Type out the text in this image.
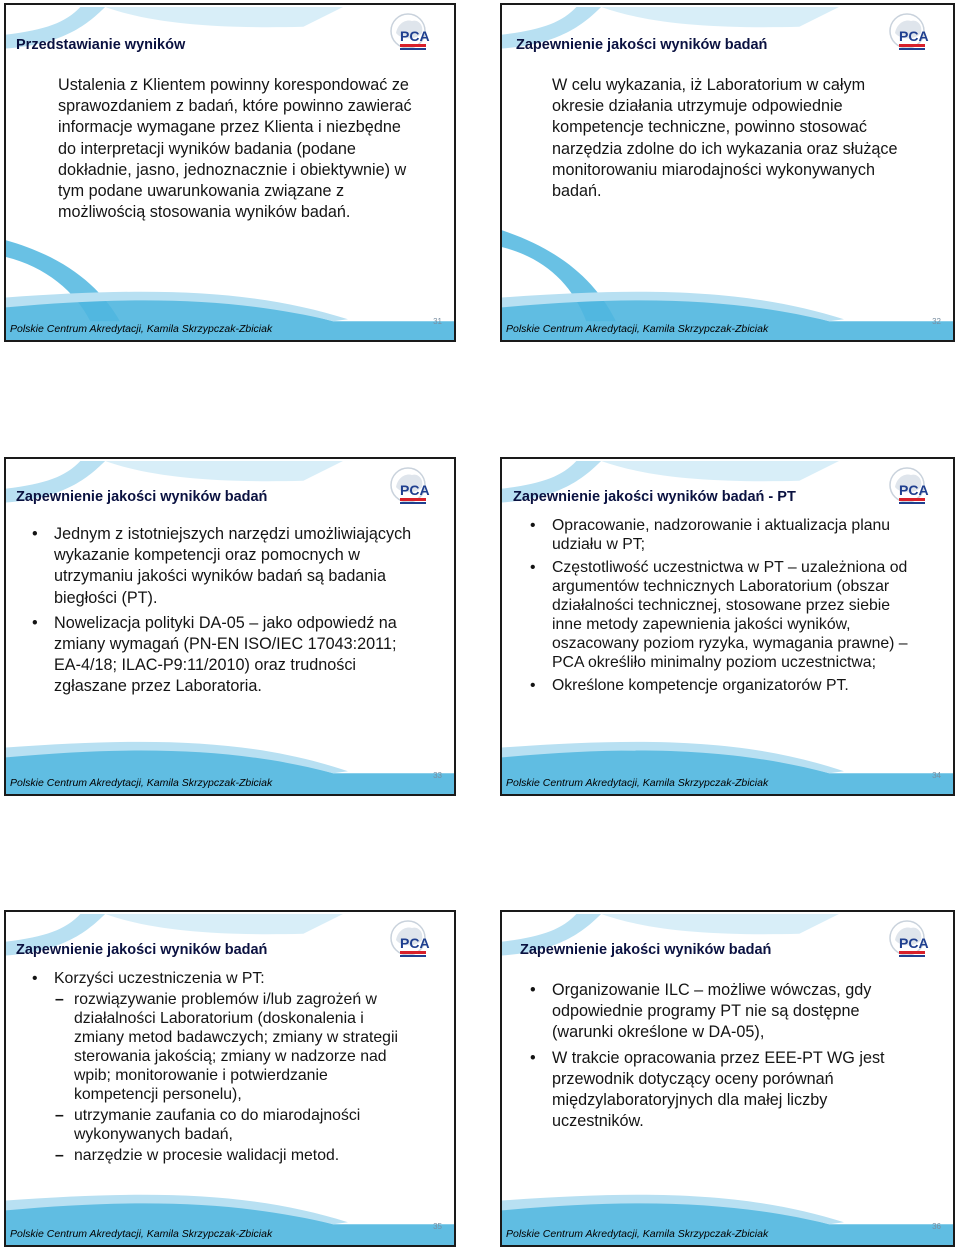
PCA
Przedstawianie wyników
Ustalenia z Klientem powinny korespondować ze sprawozdaniem z badań, które powinno zawierać informacje wymagane przez Klienta i niezbędne do interpretacji wyników badania (podane dokładnie, jasno, jednoznacznie i obiektywnie) w tym podane uwarunkowania związane z możliwością stosowania wyników badań.
Polskie Centrum Akredytacji, Kamila Skrzypczak-Zbiciak
31
PCA
Zapewnienie jakości wyników badań
W celu wykazania, iż Laboratorium w całym okresie działania utrzymuje odpowiednie kompetencje techniczne, powinno stosować narzędzia zdolne do ich wykazania oraz służące monitorowaniu miarodajności wykonywanych badań.
Polskie Centrum Akredytacji, Kamila Skrzypczak-Zbiciak
32
PCA
Zapewnienie jakości wyników badań
• Jednym z istotniejszych narzędzi umożliwiających wykazanie kompetencji oraz pomocnych w utrzymaniu jakości wyników badań są badania biegłości (PT).
• Nowelizacja polityki DA-05 – jako odpowiedź na zmiany wymagań (PN-EN ISO/IEC 17043:2011; EA-4/18; ILAC-P9:11/2010) oraz trudności zgłaszane przez Laboratoria.
Polskie Centrum Akredytacji, Kamila Skrzypczak-Zbiciak
33
PCA
Zapewnienie jakości wyników badań - PT
• Opracowanie, nadzorowanie i aktualizacja planu udziału w PT;
• Częstotliwość uczestnictwa w PT – uzależniona od argumentów technicznych Laboratorium (obszar działalności technicznej, stosowane przez siebie inne metody zapewnienia jakości wyników, oszacowany poziom ryzyka, wymagania prawne) – PCA określiło minimalny poziom uczestnictwa;
• Określone kompetencje organizatorów PT.
Polskie Centrum Akredytacji, Kamila Skrzypczak-Zbiciak
34
PCA
Zapewnienie jakości wyników badań
• Korzyści uczestniczenia w PT:
– rozwiązywanie problemów i/lub zagrożeń w działalności Laboratorium (doskonalenia i zmiany metod badawczych; zmiany w strategii sterowania jakością; zmiany w nadzorze nad wpib; monitorowanie i potwierdzanie kompetencji personelu),
– utrzymanie zaufania co do miarodajności wykonywanych badań,
– narzędzie w procesie walidacji metod.
Polskie Centrum Akredytacji, Kamila Skrzypczak-Zbiciak
35
PCA
Zapewnienie jakości wyników badań
• Organizowanie ILC – możliwe wówczas, gdy odpowiednie programy PT nie są dostępne (warunki określone w DA-05),
• W trakcie opracowania przez EEE-PT WG jest przewodnik dotyczący oceny porównań międzylaboratoryjnych dla małej liczby uczestników.
Polskie Centrum Akredytacji, Kamila Skrzypczak-Zbiciak
36
